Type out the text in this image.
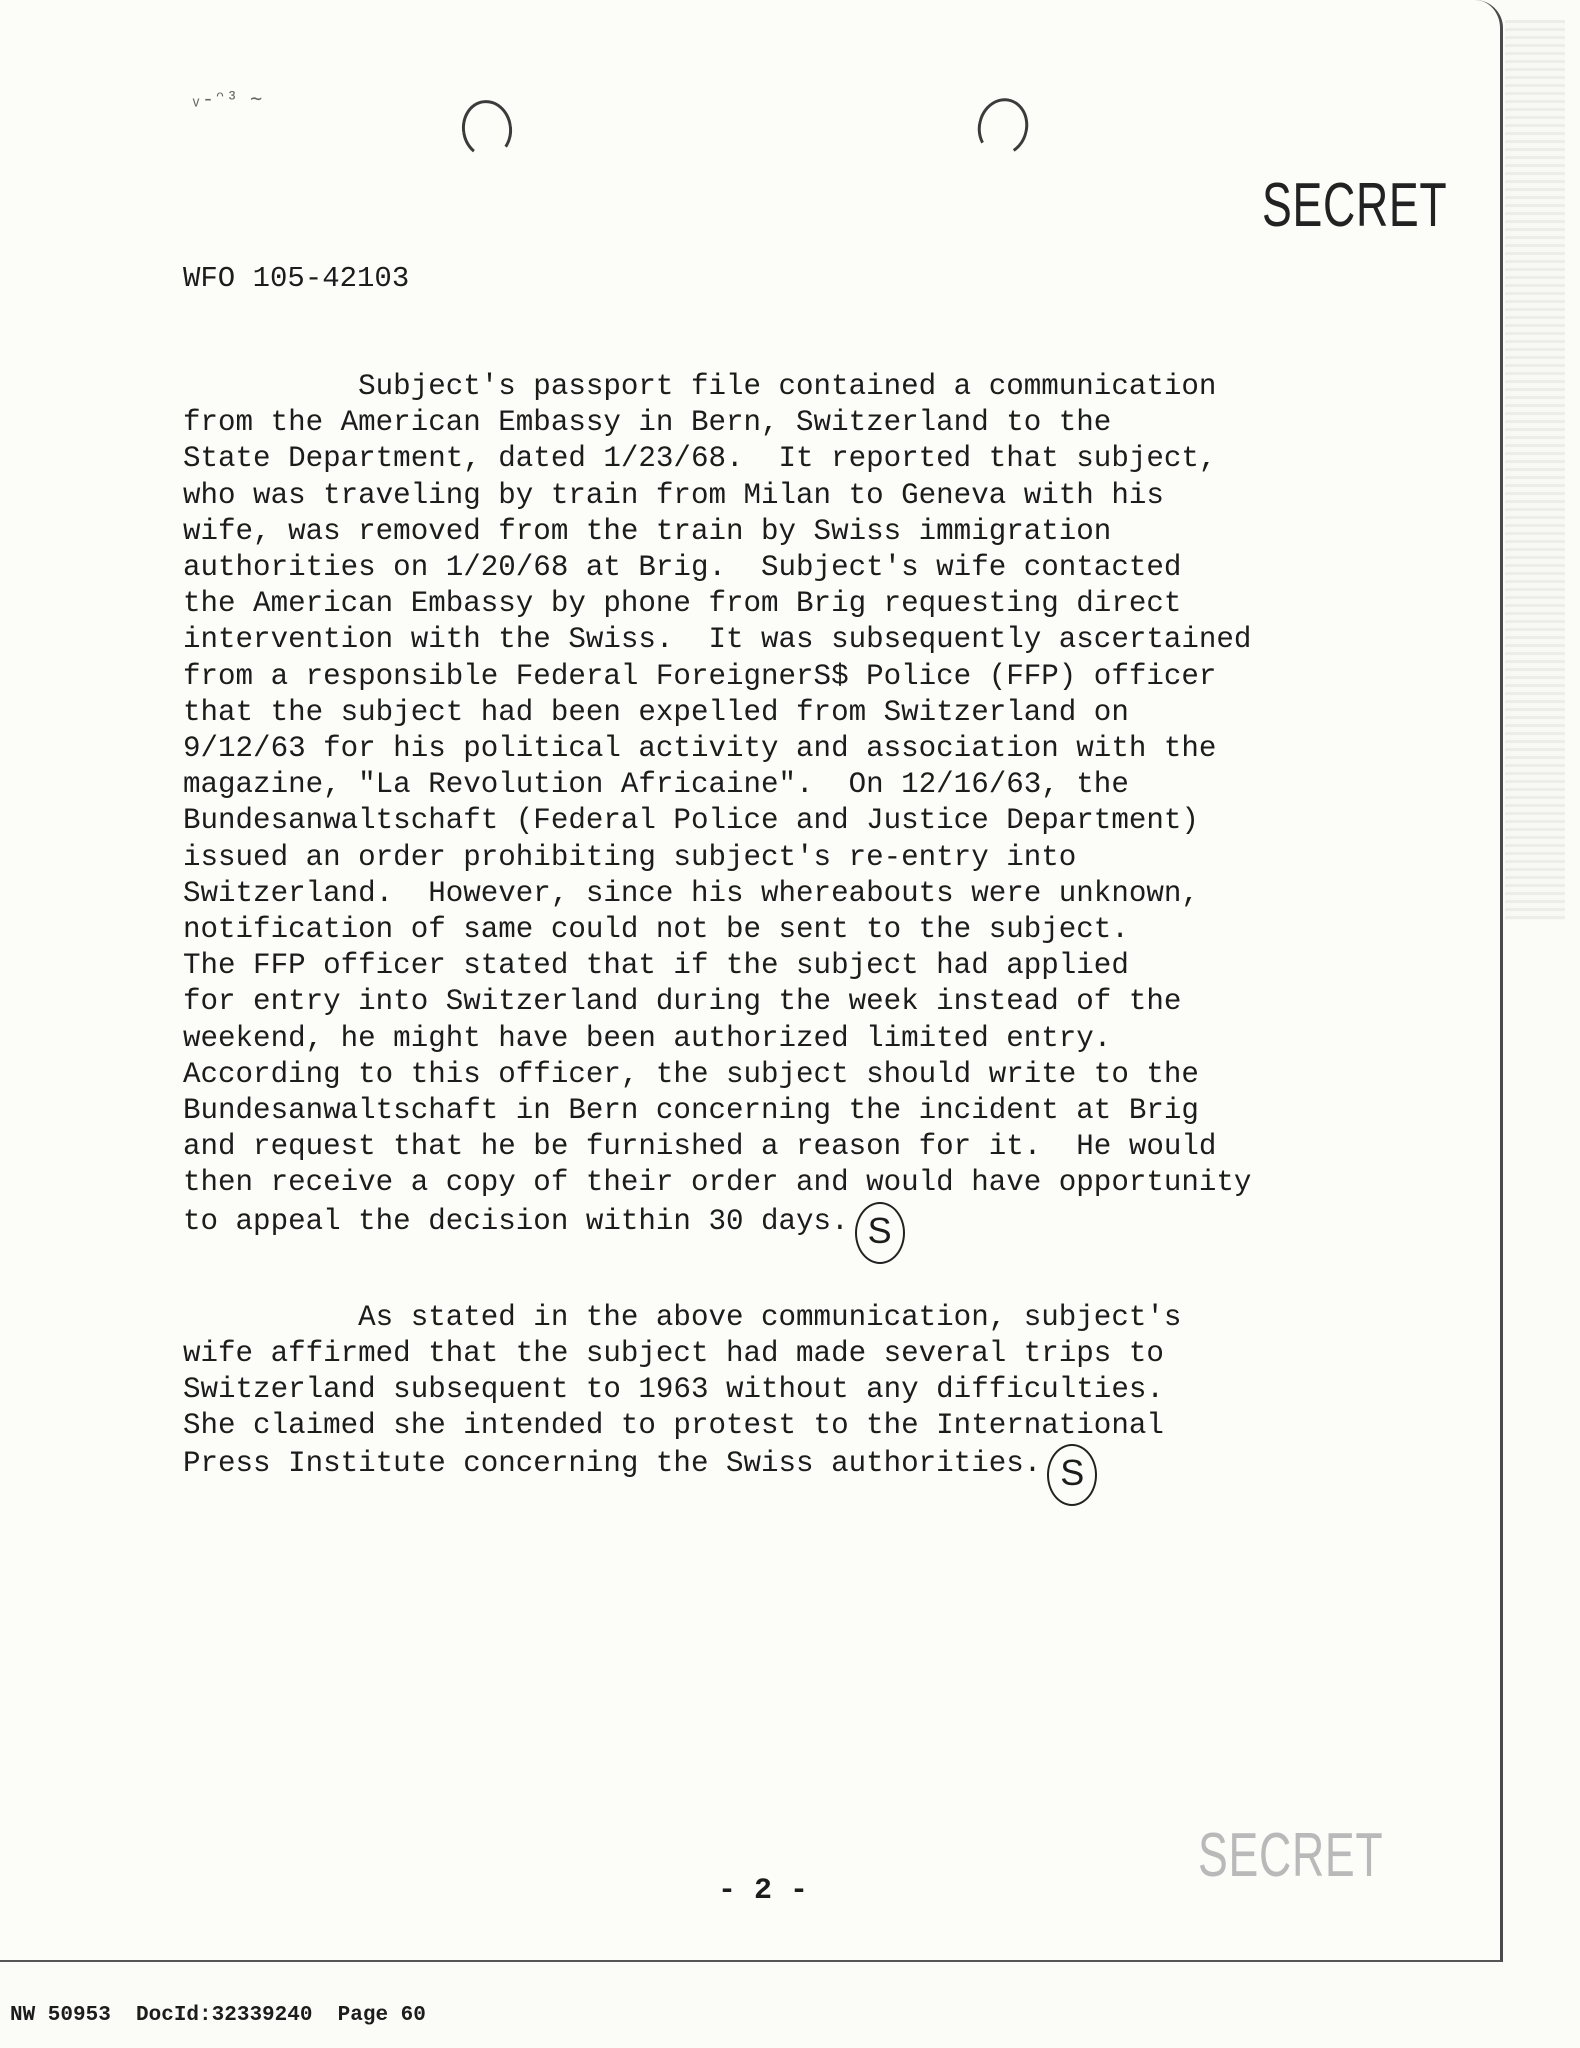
ᵥ-ᵔ³ ∼
SECRET
WFO 105-42103

Subject's passport file contained a communication
from the American Embassy in Bern, Switzerland to the
State Department, dated 1/23/68.  It reported that subject,
who was traveling by train from Milan to Geneva with his
wife, was removed from the train by Swiss immigration
authorities on 1/20/68 at Brig.  Subject's wife contacted
the American Embassy by phone from Brig requesting direct
intervention with the Swiss.  It was subsequently ascertained
from a responsible Federal ForeignerS$ Police (FFP) officer
that the subject had been expelled from Switzerland on
9/12/63 for his political activity and association with the
magazine, "La Revolution Africaine".  On 12/16/63, the
Bundesanwaltschaft (Federal Police and Justice Department)
issued an order prohibiting subject's re-entry into
Switzerland.  However, since his whereabouts were unknown,
notification of same could not be sent to the subject.
The FFP officer stated that if the subject had applied
for entry into Switzerland during the week instead of the
weekend, he might have been authorized limited entry.
According to this officer, the subject should write to the
Bundesanwaltschaft in Bern concerning the incident at Brig
and request that he be furnished a reason for it.  He would
then receive a copy of their order and would have opportunity
to appeal the decision within 30 days. S

As stated in the above communication, subject's
wife affirmed that the subject had made several trips to
Switzerland subsequent to 1963 without any difficulties.
She claimed she intended to protest to the International
Press Institute concerning the Swiss authorities. S

SECRET
- 2 -
NW 50953  DocId:32339240  Page 60
